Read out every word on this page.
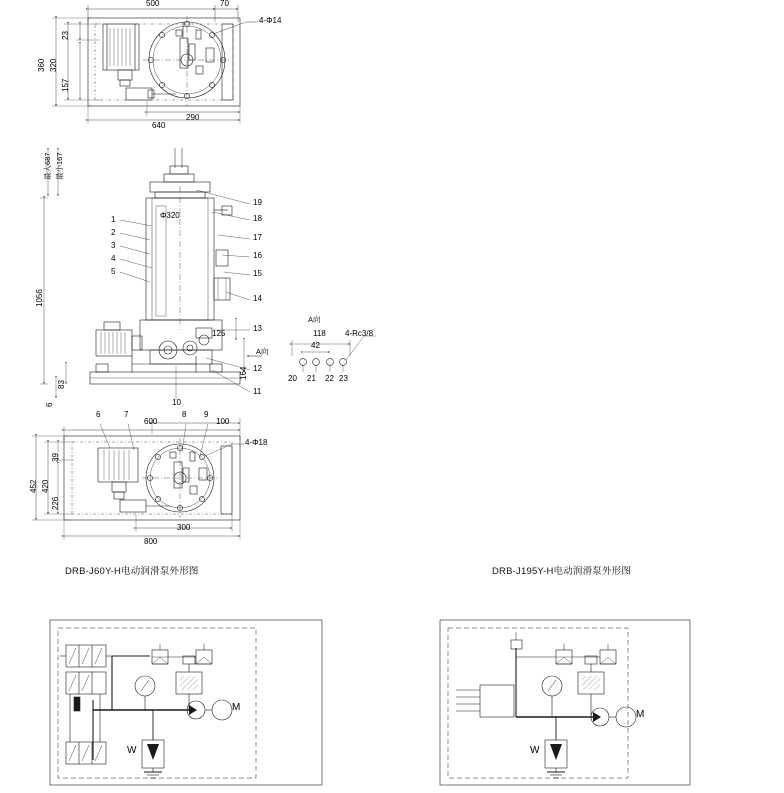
500	70
4-Φ14
360 320
23
157
640
290
最大687 最小167
1056
Φ320
1
2
3
4
5
19
18
17
16
15
14
13
12
11
10
125
164
83
6
A向
A向
118
42
4-Rc3/8
20 21 22 23
600	100
4-Φ18
6	7	8 9
452 420
39
226
800
300
M
W
M
W
DRB-J60Y-H电动润滑泵外形图	DRB-J195Y-H电动润滑泵外形图
